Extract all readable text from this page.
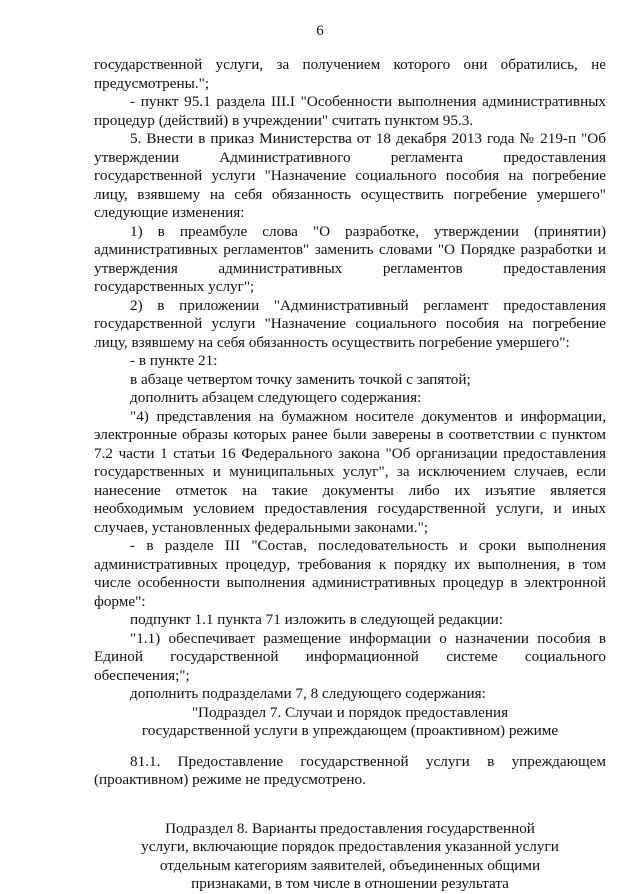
6

государственной услуги, за получением которого они обратились, не предусмотрены.";

- пункт 95.1 раздела III.I "Особенности выполнения административных процедур (действий) в учреждении" считать пунктом 95.3.

5. Внести в приказ Министерства от 18 декабря 2013 года № 219-п "Об утверждении Административного регламента предоставления государственной услуги "Назначение социального пособия на погребение лицу, взявшему на себя обязанность осуществить погребение умершего" следующие изменения:

1) в преамбуле слова "О разработке, утверждении (принятии) административных регламентов" заменить словами "О Порядке разработки и утверждения административных регламентов предоставления государственных услуг";

2) в приложении "Административный регламент предоставления государственной услуги "Назначение социального пособия на погребение лицу, взявшему на себя обязанность осуществить погребение умершего":

- в пункте 21:

в абзаце четвертом точку заменить точкой с запятой;

дополнить абзацем следующего содержания:

"4) представления на бумажном носителе документов и информации, электронные образы которых ранее были заверены в соответствии с пунктом 7.2 части 1 статьи 16 Федерального закона "Об организации предоставления государственных и муниципальных услуг", за исключением случаев, если нанесение отметок на такие документы либо их изъятие является необходимым условием предоставления государственной услуги, и иных случаев, установленных федеральными законами.";

- в разделе III "Состав, последовательность и сроки выполнения административных процедур, требования к порядку их выполнения, в том числе особенности выполнения административных процедур в электронной форме":

подпункт 1.1 пункта 71 изложить в следующей редакции:

"1.1) обеспечивает размещение информации о назначении пособия в Единой государственной информационной системе социального обеспечения;";

дополнить подразделами 7, 8 следующего содержания:

"Подраздел 7. Случаи и порядок предоставления

государственной услуги в упреждающем (проактивном) режиме

81.1. Предоставление государственной услуги в упреждающем (проактивном) режиме не предусмотрено.

Подраздел 8. Варианты предоставления государственной

услуги, включающие порядок предоставления указанной услуги

отдельным категориям заявителей, объединенных общими

признаками, в том числе в отношении результата
